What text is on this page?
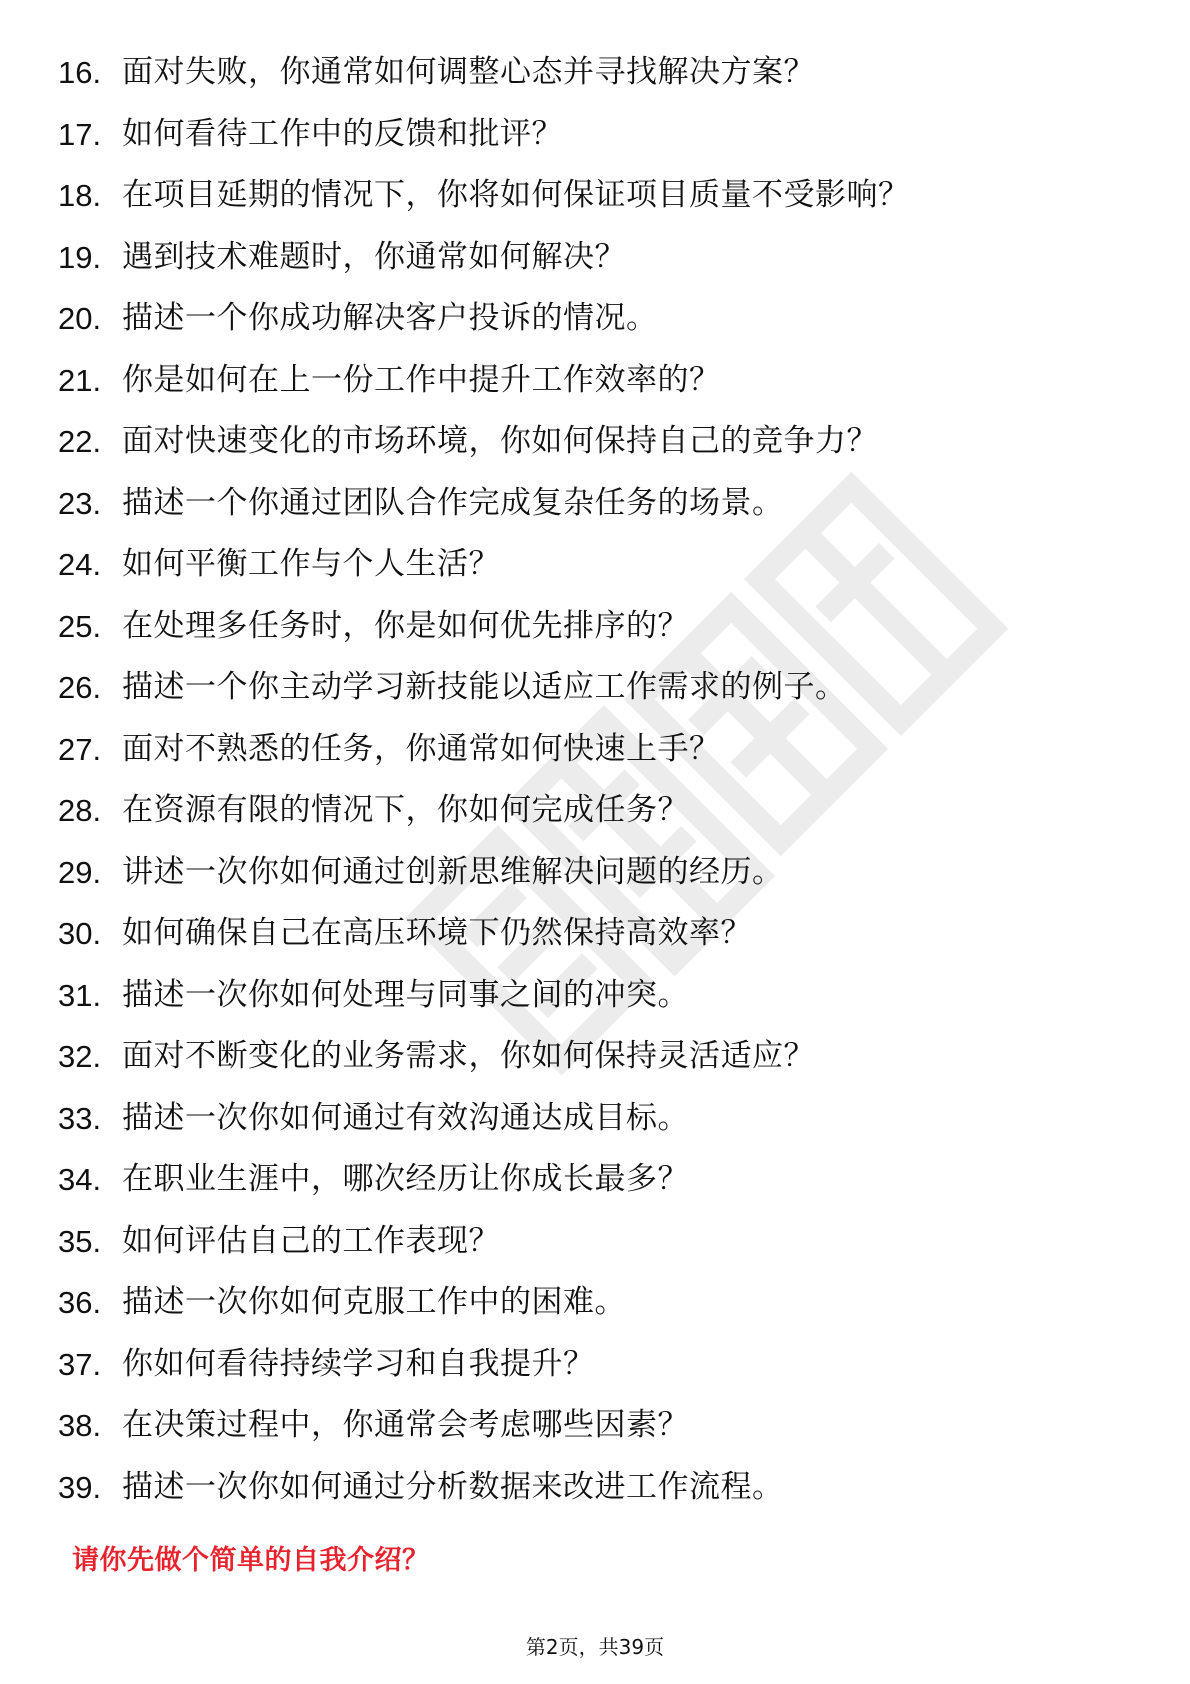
16. 面对失败，你通常如何调整心态并寻找解决方案？
17. 如何看待工作中的反馈和批评？
18. 在项目延期的情况下，你将如何保证项目质量不受影响？
19. 遇到技术难题时，你通常如何解决？
20. 描述一个你成功解决客户投诉的情况。
21. 你是如何在上一份工作中提升工作效率的？
22. 面对快速变化的市场环境，你如何保持自己的竞争力？
23. 描述一个你通过团队合作完成复杂任务的场景。
24. 如何平衡工作与个人生活？
25. 在处理多任务时，你是如何优先排序的？
26. 描述一个你主动学习新技能以适应工作需求的例子。
27. 面对不熟悉的任务，你通常如何快速上手？
28. 在资源有限的情况下，你如何完成任务？
29. 讲述一次你如何通过创新思维解决问题的经历。
30. 如何确保自己在高压环境下仍然保持高效率？
31. 描述一次你如何处理与同事之间的冲突。
32. 面对不断变化的业务需求，你如何保持灵活适应？
33. 描述一次你如何通过有效沟通达成目标。
34. 在职业生涯中，哪次经历让你成长最多？
35. 如何评估自己的工作表现？
36. 描述一次你如何克服工作中的困难。
37. 你如何看待持续学习和自我提升？
38. 在决策过程中，你通常会考虑哪些因素？
39. 描述一次你如何通过分析数据来改进工作流程。
请你先做个简单的自我介绍？
第2页，共39页
